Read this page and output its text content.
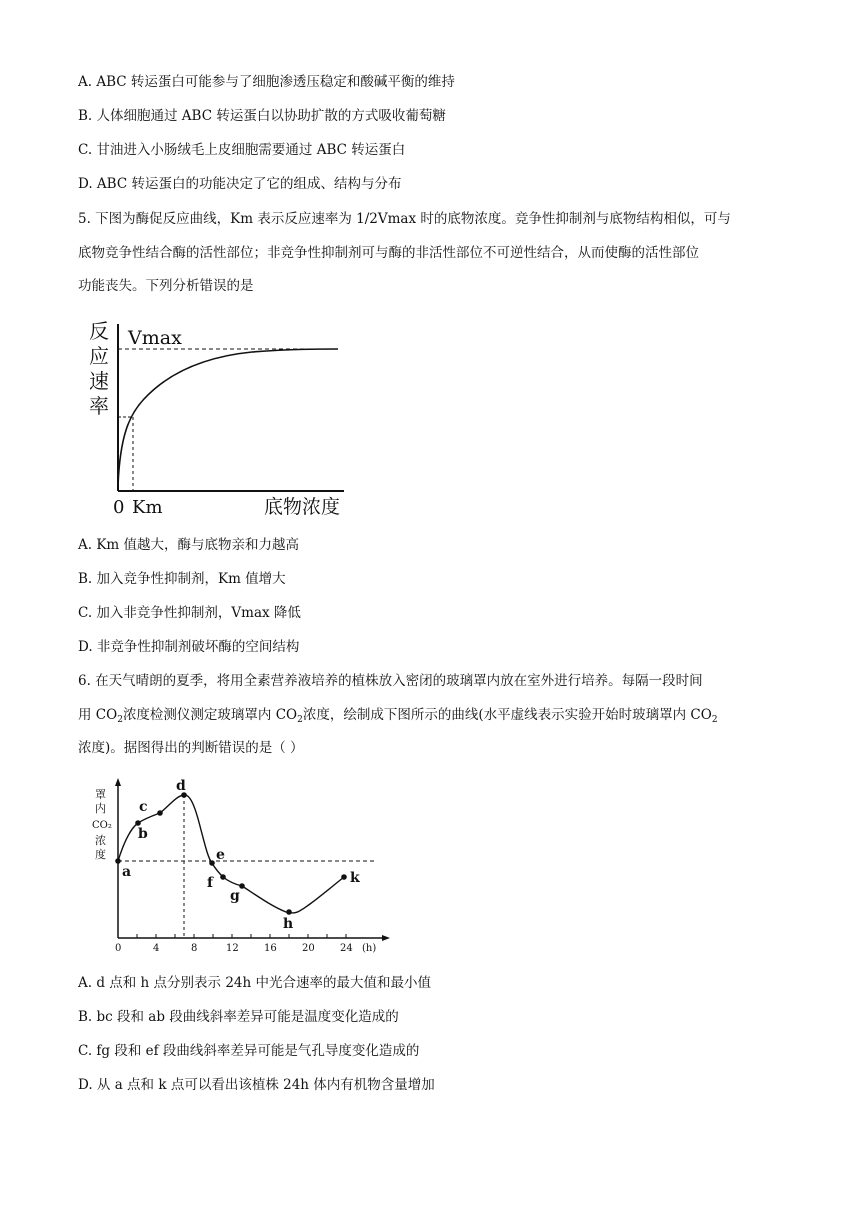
A. ABC 转运蛋白可能参与了细胞渗透压稳定和酸碱平衡的维持
B. 人体细胞通过 ABC 转运蛋白以协助扩散的方式吸收葡萄糖
C. 甘油进入小肠绒毛上皮细胞需要通过 ABC 转运蛋白
D. ABC 转运蛋白的功能决定了它的组成、结构与分布
5. 下图为酶促反应曲线，Km 表示反应速率为 1/2Vmax 时的底物浓度。竞争性抑制剂与底物结构相似，可与
底物竞争性结合酶的活性部位；非竞争性抑制剂可与酶的非活性部位不可逆性结合，从而使酶的活性部位
功能丧失。下列分析错误的是
反
应
速
率
Vmax
0 Km	底物浓度
A. Km 值越大，酶与底物亲和力越高
B. 加入竞争性抑制剂，Km 值增大
C. 加入非竞争性抑制剂，Vmax 降低
D. 非竞争性抑制剂破坏酶的空间结构
6. 在天气晴朗的夏季，将用全素营养液培养的植株放入密闭的玻璃罩内放在室外进行培养。每隔一段时间
用 $CO_2$浓度检测仪测定玻璃罩内 $CO_2$浓度，绘制成下图所示的曲线(水平虚线表示实验开始时玻璃罩内 $CO_2$
浓度)。据图得出的判断错误的是（ ）
罩
内
CO₂
浓
度
0	4	8	12	16	20	24 (h)
a
b
c
d
e
f
g
h
k
A. d 点和 h 点分别表示 24h 中光合速率的最大值和最小值
B. bc 段和 ab 段曲线斜率差异可能是温度变化造成的
C. fg 段和 ef 段曲线斜率差异可能是气孔导度变化造成的
D. 从 a 点和 k 点可以看出该植株 24h 体内有机物含量增加
